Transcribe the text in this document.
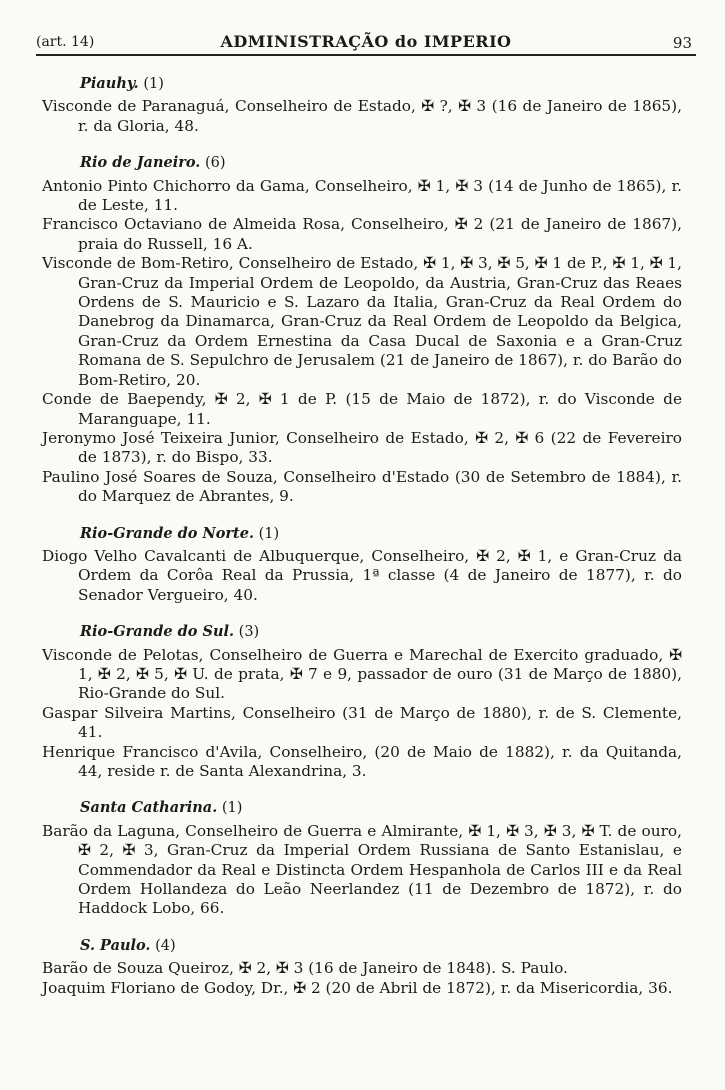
(art. 14)	ADMINISTRAÇÃO do IMPERIO	93
Piauhy. (1)

Visconde de Paranaguá, Conselheiro de Estado, ✠ ?, ✠ 3 (16 de Janeiro de 1865), r. da Gloria, 48.

Rio de Janeiro. (6)

Antonio Pinto Chichorro da Gama, Conselheiro, ✠ 1, ✠ 3 (14 de Junho de 1865), r. de Leste, 11.

Francisco Octaviano de Almeida Rosa, Conselheiro, ✠ 2 (21 de Janeiro de 1867), praia do Russell, 16 A.

Visconde de Bom-Retiro, Conselheiro de Estado, ✠ 1, ✠ 3, ✠ 5, ✠ 1 de P., ✠ 1, ✠ 1, Gran-Cruz da Imperial Ordem de Leopoldo, da Austria, Gran-Cruz das Reaes Ordens de S. Mauricio e S. Lazaro da Italia, Gran-Cruz da Real Ordem do Danebrog da Dinamarca, Gran-Cruz da Real Ordem de Leopoldo da Belgica, Gran-Cruz da Ordem Ernestina da Casa Ducal de Saxonia e a Gran-Cruz Romana de S. Sepulchro de Jerusalem (21 de Janeiro de 1867), r. do Barão do Bom-Retiro, 20.

Conde de Baependy, ✠ 2, ✠ 1 de P. (15 de Maio de 1872), r. do Visconde de Maranguape, 11.

Jeronymo José Teixeira Junior, Conselheiro de Estado, ✠ 2, ✠ 6 (22 de Fevereiro de 1873), r. do Bispo, 33.

Paulino José Soares de Souza, Conselheiro d'Estado (30 de Setembro de 1884), r. do Marquez de Abrantes, 9.

Rio-Grande do Norte. (1)

Diogo Velho Cavalcanti de Albuquerque, Conselheiro, ✠ 2, ✠ 1, e Gran-Cruz da Ordem da Corôa Real da Prussia, 1ª classe (4 de Janeiro de 1877), r. do Senador Vergueiro, 40.

Rio-Grande do Sul. (3)

Visconde de Pelotas, Conselheiro de Guerra e Marechal de Exercito graduado, ✠ 1, ✠ 2, ✠ 5, ✠ U. de prata, ✠ 7 e 9, passador de ouro (31 de Março de 1880), Rio-Grande do Sul.

Gaspar Silveira Martins, Conselheiro (31 de Março de 1880), r. de S. Clemente, 41.

Henrique Francisco d'Avila, Conselheiro, (20 de Maio de 1882), r. da Quitanda, 44, reside r. de Santa Alexandrina, 3.

Santa Catharina. (1)

Barão da Laguna, Conselheiro de Guerra e Almirante, ✠ 1, ✠ 3, ✠ 3, ✠ T. de ouro, ✠ 2, ✠ 3, Gran-Cruz da Imperial Ordem Russiana de Santo Estanislau, e Commendador da Real e Distincta Ordem Hespanhola de Carlos III e da Real Ordem Hollandeza do Leão Neerlandez (11 de Dezembro de 1872), r. do Haddock Lobo, 66.

S. Paulo. (4)

Barão de Souza Queiroz, ✠ 2, ✠ 3 (16 de Janeiro de 1848). S. Paulo.

Joaquim Floriano de Godoy, Dr., ✠ 2 (20 de Abril de 1872), r. da Misericordia, 36.
